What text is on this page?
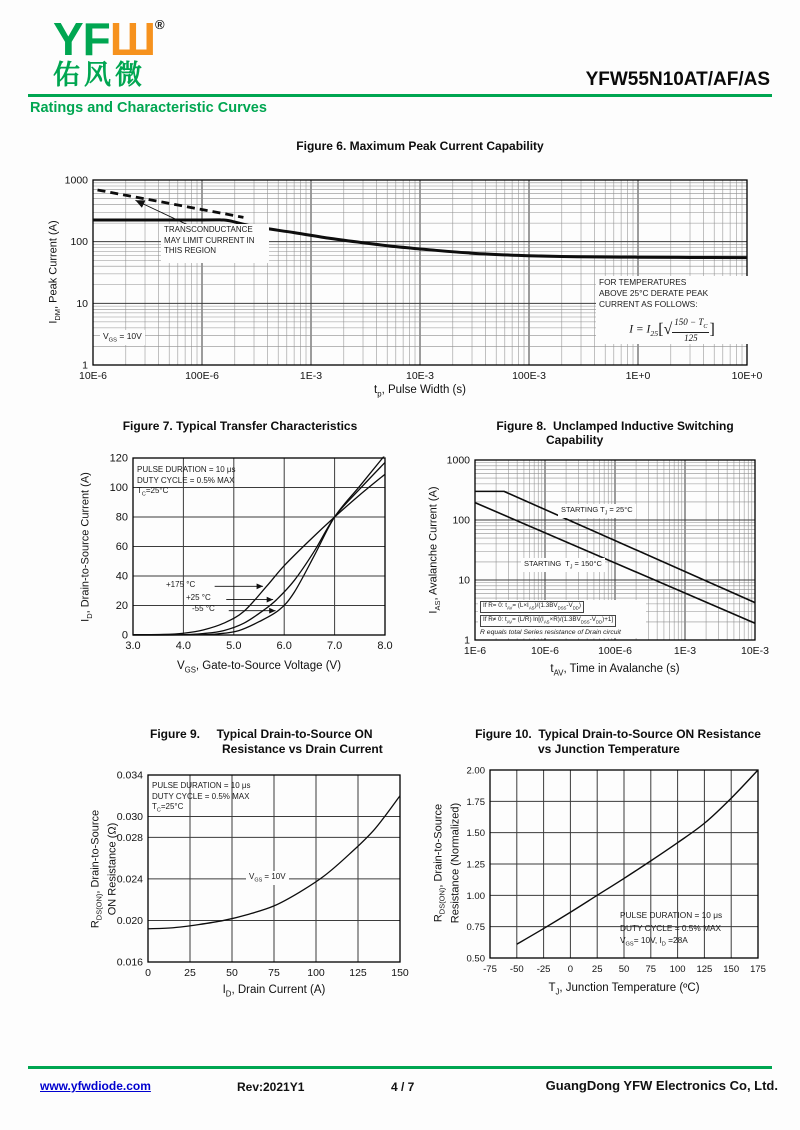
YFШ®
佑风微	YFW55N10AT/AF/AS
Ratings and Characteristic Curves
Figure 6. Maximum Peak Current Capability
10E-6	100E-6	1E-3	10E-3	100E-3	1E+0	10E+0
1
10
100
1000
TRANSCONDUCTANCE
MAY LIMIT CURRENT IN
THIS REGION
$V_{GS} = 10V$
FOR TEMPERATURES
ABOVE 25°C DERATE PEAK
CURRENT AS FOLLOWS:
$I = I_{25}[√ \frac{150 - T_C}{125}$ ]
$t_p$, Pulse Width (s)
$I_{DM}$, Peak Current (A)
Figure 7. Typical Transfer Characteristics
3.0	4.0	5.0	6.0	7.0	8.0
0
20
40
60
80
100
120
PULSE DURATION = 10 μs
DUTY CYCLE = 0.5% MAX
$T_C=25^\circ C$
+175 °C
+25 °C
-55 °C
$V_{GS}$, Gate-to-Source Voltage (V)
$I_D$, Drain-to-Source Current (A)
Figure 8.  Unclamped Inductive Switching
Capability
1E-6	10E-6	100E-6	1E-3	10E-3
1
10
100
1000
STARTING $T_J = 25^\circ C$
STARTING  $T_J = 150^\circ C$
If R= 0: $t_{AV}= (L\times I_{AS})/(1.3BV_{DSS}-V_{DD})$
If R≠ 0: $t_{AV}= (L/R)$ $\ln[(I_{AS}\times R)/(1.3BV_{DSS}-V_{DD})+1]$
R equals total Series resistance of Drain circuit
$t_{AV}$, Time in Avalanche (s)
$I_{AS}$, Avalanche Current (A)
Figure 9.     Typical Drain-to-Source ON
Resistance vs Drain Current
0	25	50	75	100 125 150
0.016
0.020
0.024
0.028
0.030
0.034
PULSE DURATION = 10 μs
DUTY CYCLE = 0.5% MAX
$T_C=25^\circ C$
$V_{GS} = 10V$
$I_D$, Drain Current (A)
$R_{DS(ON)}$, Drain-to-Source ON Resistance (Ω)
Figure 10.  Typical Drain-to-Source ON Resistance
vs Junction Temperature
-75 -50 -25 0 25 50 75 100 125 150 175
0.50
0.75
1.00
1.25
1.50
1.75
2.00
PULSE DURATION = 10 μs
DUTY CYCLE = 0.5% MAX
$V_{GS}= 10V$, $I_D =28A$
$T_J$, Junction Temperature (ºC)
$R_{DS(ON)}$, Drain-to-Source Resistance (Normalized)
www.yfwdiode.com	Rev:2021Y1	4 / 7	GuangDong YFW Electronics Co, Ltd.
